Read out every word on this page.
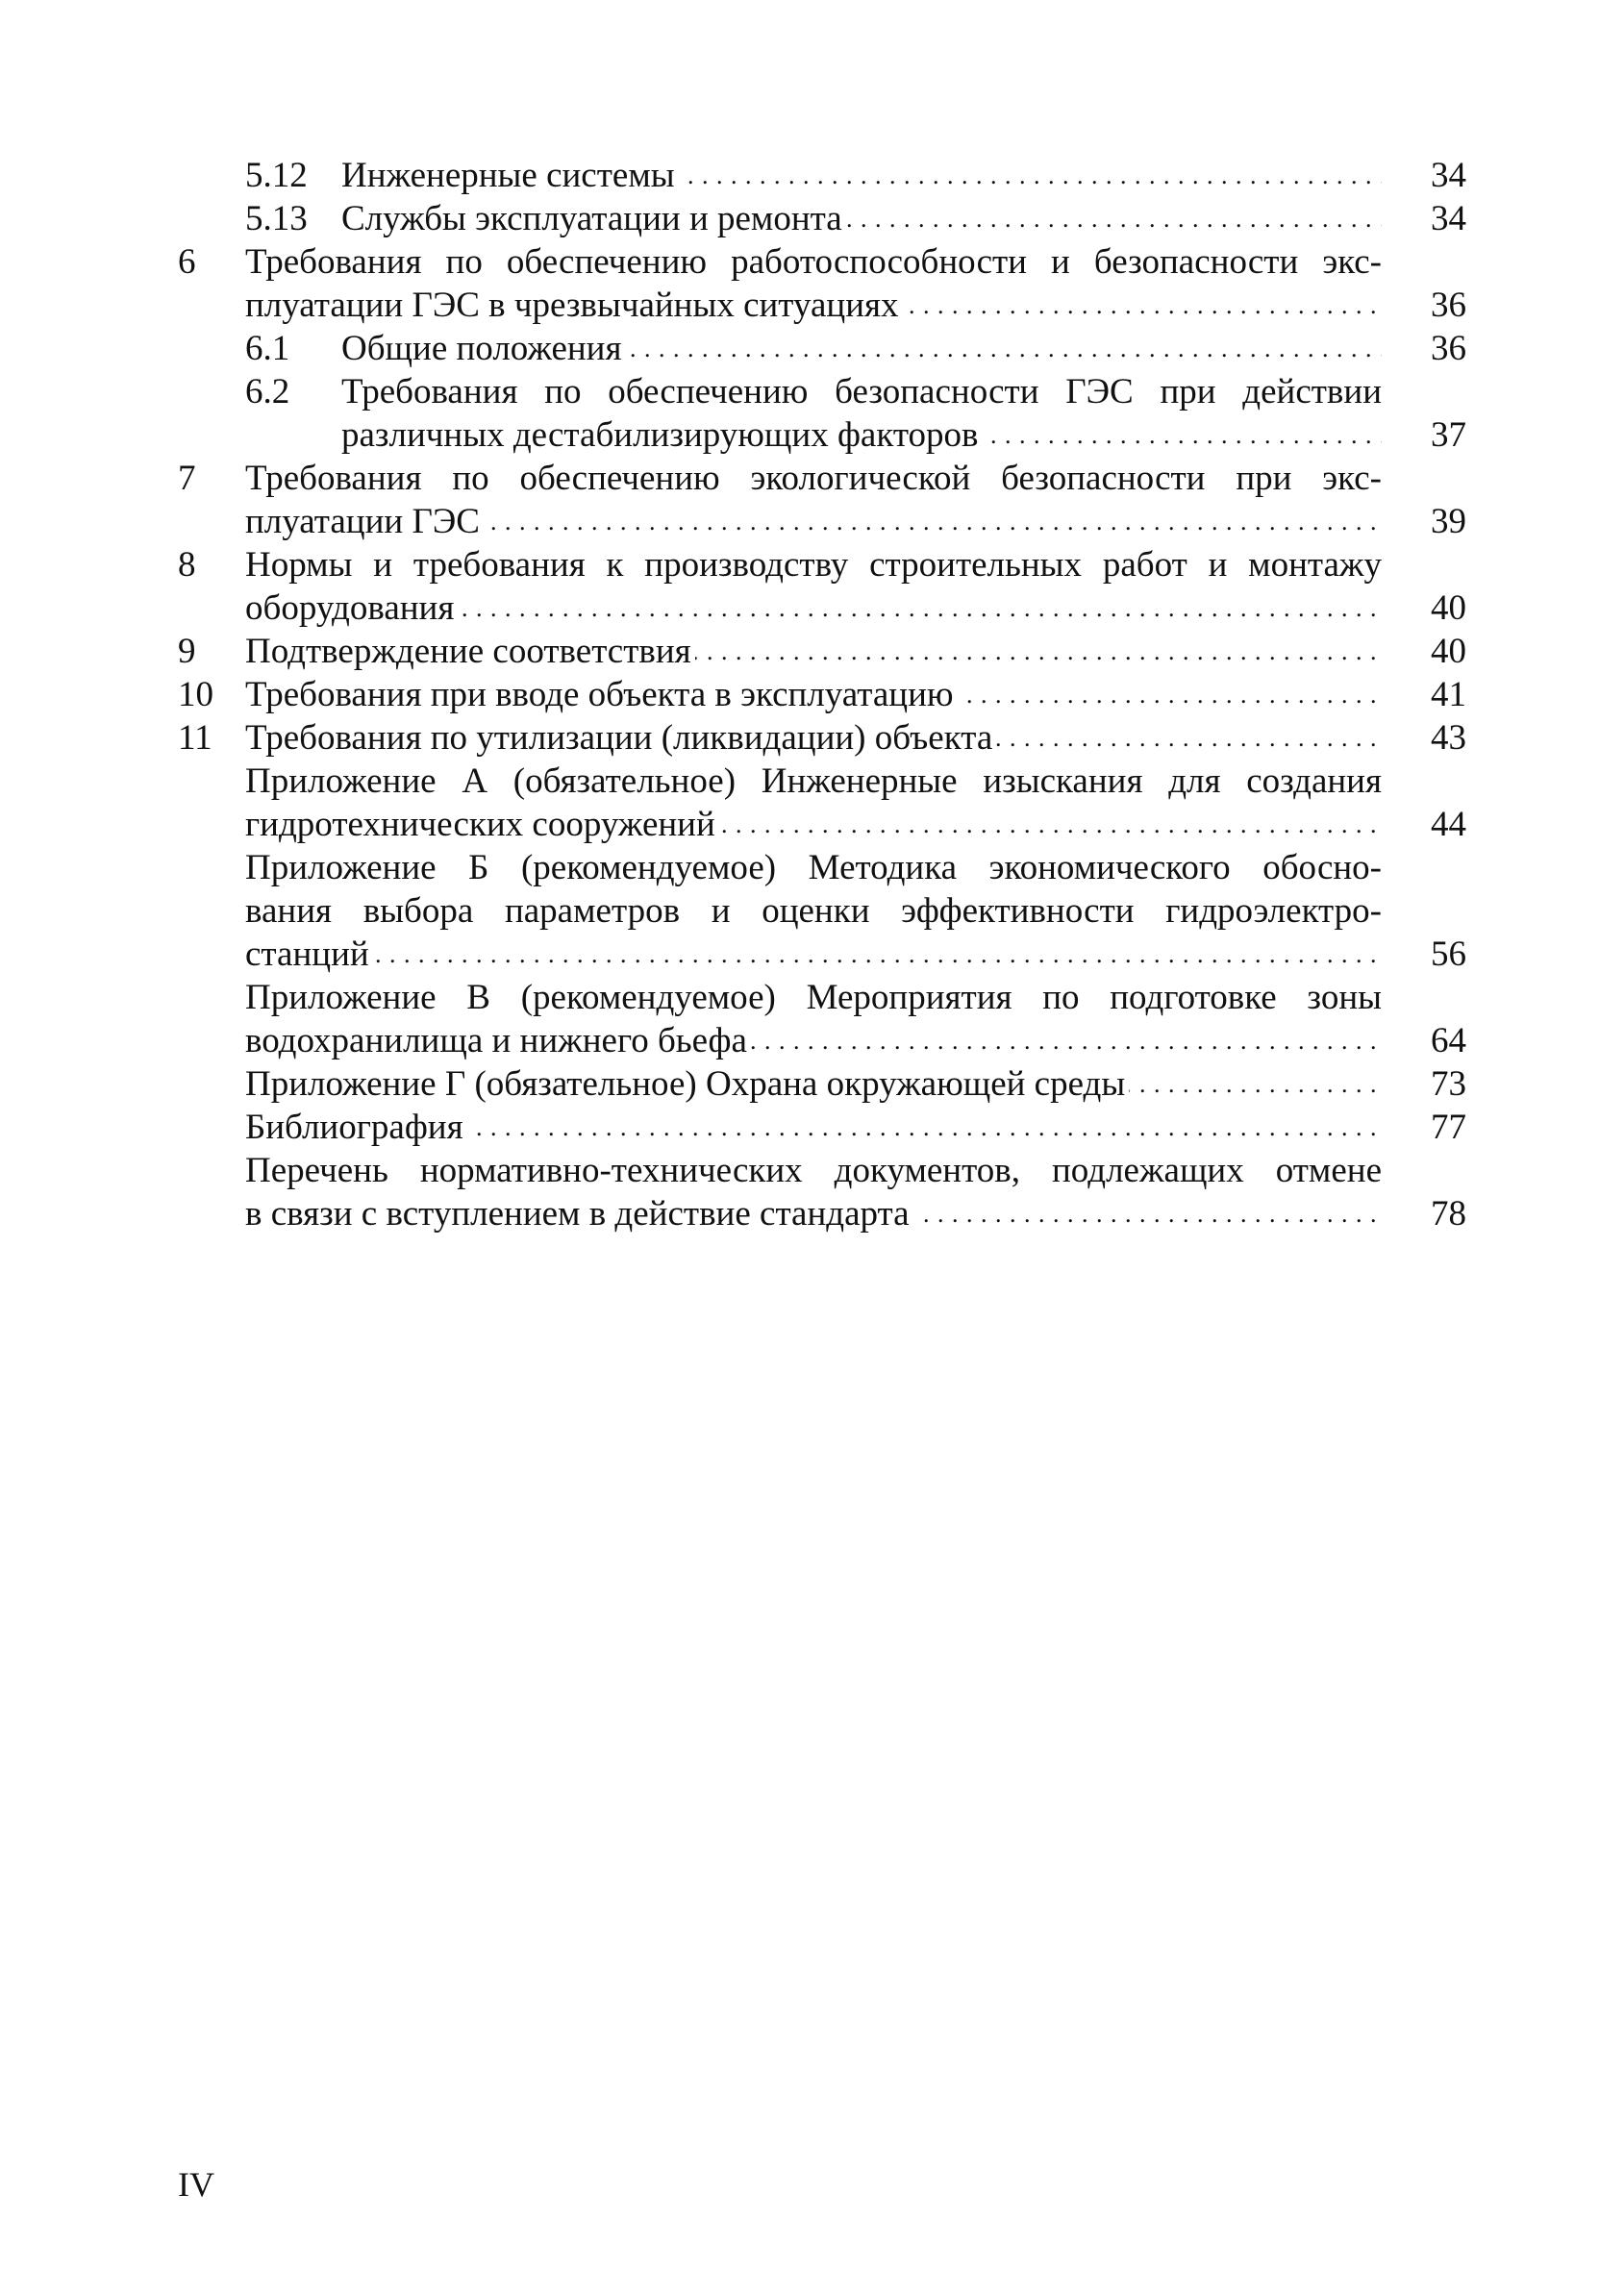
5.12 Инженерные системы . . .	34
5.13 Службы эксплуатации и ремонта . . .	34
6 Требования по обеспечению работоспособности и безопасности экс-
плуатации ГЭС в чрезвычайных ситуациях . . .	36
6.1 Общие положения . . .	36
6.2 Требования по обеспечению безопасности ГЭС при действии
различных дестабилизирующих факторов . . .	37
7 Требования по обеспечению экологической безопасности при экс-
плуатации ГЭС . . .	39
8 Нормы и требования к производству строительных работ и монтажу
оборудования . . .	40
9 Подтверждение соответствия . . .	40
10 Требования при вводе объекта в эксплуатацию . . .	41
11 Требования по утилизации (ликвидации) объекта . . .	43
Приложение А (обязательное) Инженерные изыскания для создания
гидротехнических сооружений . . .	44
Приложение Б (рекомендуемое) Методика экономического обосно-
вания выбора параметров и оценки эффективности гидроэлектро-
станций . . .	56
Приложение В (рекомендуемое) Мероприятия по подготовке зоны
водохранилища и нижнего бьефа . . .	64
Приложение Г (обязательное) Охрана окружающей среды . . .	73
Библиография . . .	77
Перечень нормативно-технических документов, подлежащих отмене
в связи с вступлением в действие стандарта . . .	78
IV
